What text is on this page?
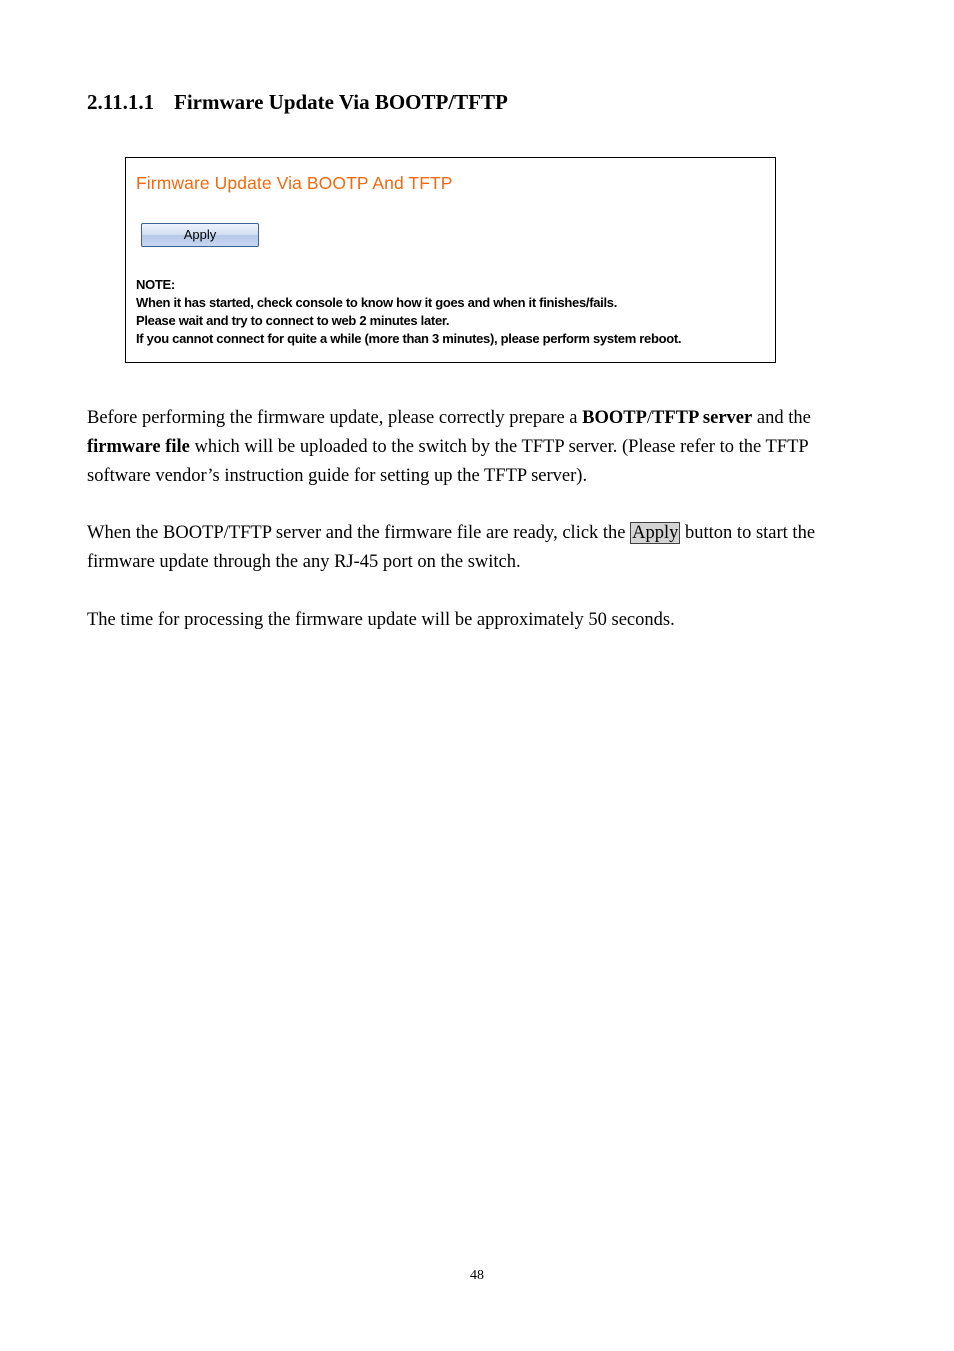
2.11.1.1 Firmware Update Via BOOTP/TFTP
Firmware Update Via BOOTP And TFTP
Apply
NOTE:
When it has started, check console to know how it goes and when it finishes/fails.
Please wait and try to connect to web 2 minutes later.
If you cannot connect for quite a while (more than 3 minutes), please perform system reboot.

Before performing the firmware update, please correctly prepare a BOOTP/TFTP server and the firmware file which will be uploaded to the switch by the TFTP server. (Please refer to the TFTP software vendor’s instruction guide for setting up the TFTP server).

When the BOOTP/TFTP server and the firmware file are ready, click the Apply button to start the firmware update through the any RJ-45 port on the switch.

The time for processing the firmware update will be approximately 50 seconds.

48
